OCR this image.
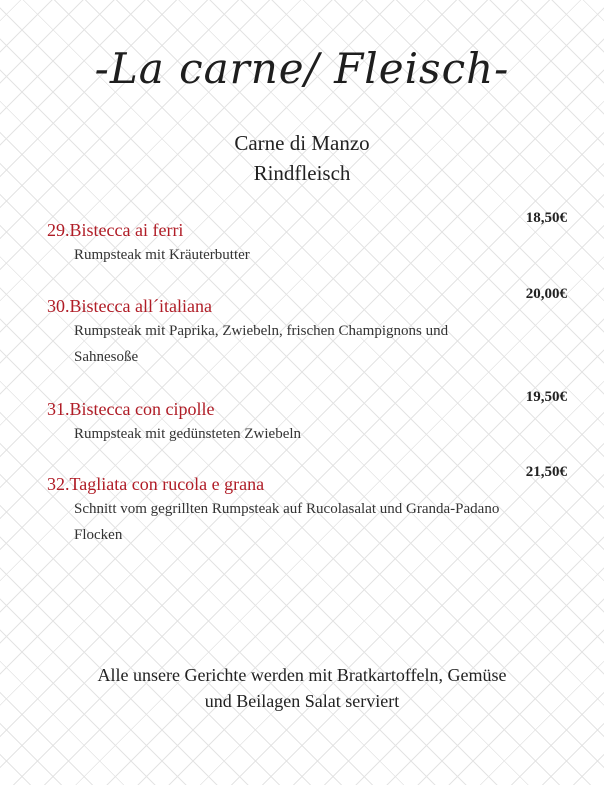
-La carne/ Fleisch-

Carne di Manzo

Rindfleisch

29.Bistecca ai ferri

18,50€

Rumpsteak mit Kräuterbutter

30.Bistecca all´italiana

20,00€

Rumpsteak mit Paprika, Zwiebeln, frischen Champignons und Sahnesoße

31.Bistecca con cipolle

19,50€

Rumpsteak mit gedünsteten Zwiebeln

32.Tagliata con rucola e grana

21,50€

Schnitt vom gegrillten Rumpsteak auf Rucolasalat und Granda-Padano Flocken

Alle unsere Gerichte werden mit Bratkartoffeln, Gemüse
und Beilagen Salat serviert
